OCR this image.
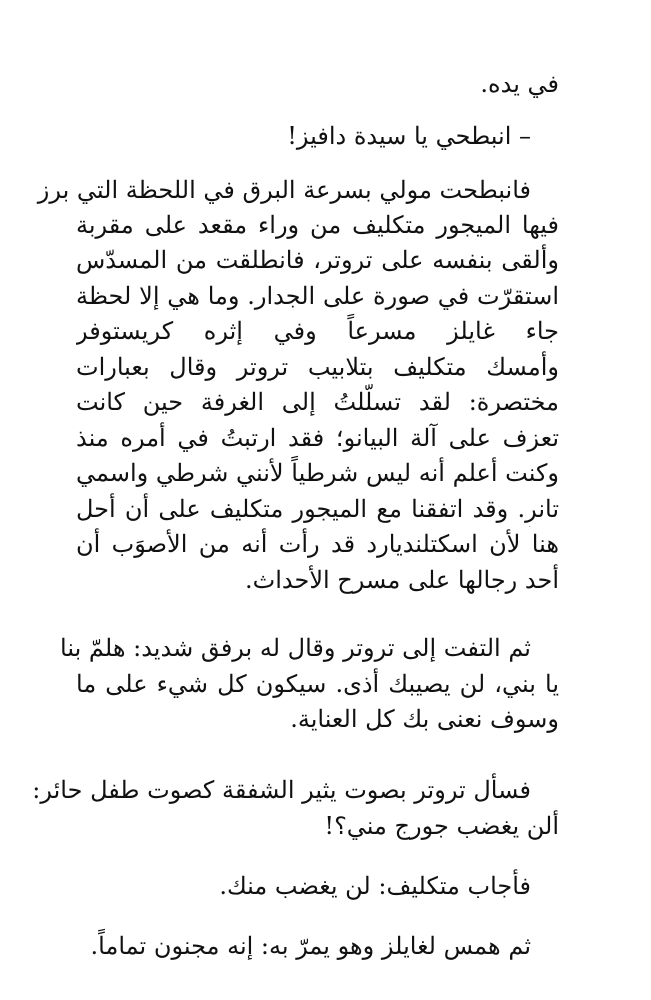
في يده.
– انبطحي يا سيدة دافيز!
فانبطحت مولي بسرعة البرق في اللحظة التي برز
فيها الميجور متكليف من وراء مقعد على مقربة
وألقى بنفسه على تروتر، فانطلقت من المسدّس
استقرّت في صورة على الجدار. وما هي إلا لحظة
جاء غايلز مسرعاً وفي إثره كريستوفر
وأمسك متكليف بتلابيب تروتر وقال بعبارات
مختصرة: لقد تسلّلتُ إلى الغرفة حين كانت
تعزف على آلة البيانو؛ فقد ارتبتُ في أمره منذ
وكنت أعلم أنه ليس شرطياً لأنني شرطي واسمي
تانر. وقد اتفقنا مع الميجور متكليف على أن أحل
هنا لأن اسكتلنديارد قد رأت أنه من الأصوَب أن
أحد رجالها على مسرح الأحداث.
ثم التفت إلى تروتر وقال له برفق شديد: هلمّ بنا
يا بني، لن يصيبك أذى. سيكون كل شيء على ما
وسوف نعنى بك كل العناية.
فسأل تروتر بصوت يثير الشفقة كصوت طفل حائر:
ألن يغضب جورج مني؟!
فأجاب متكليف: لن يغضب منك.
ثم همس لغايلز وهو يمرّ به: إنه مجنون تماماً.
